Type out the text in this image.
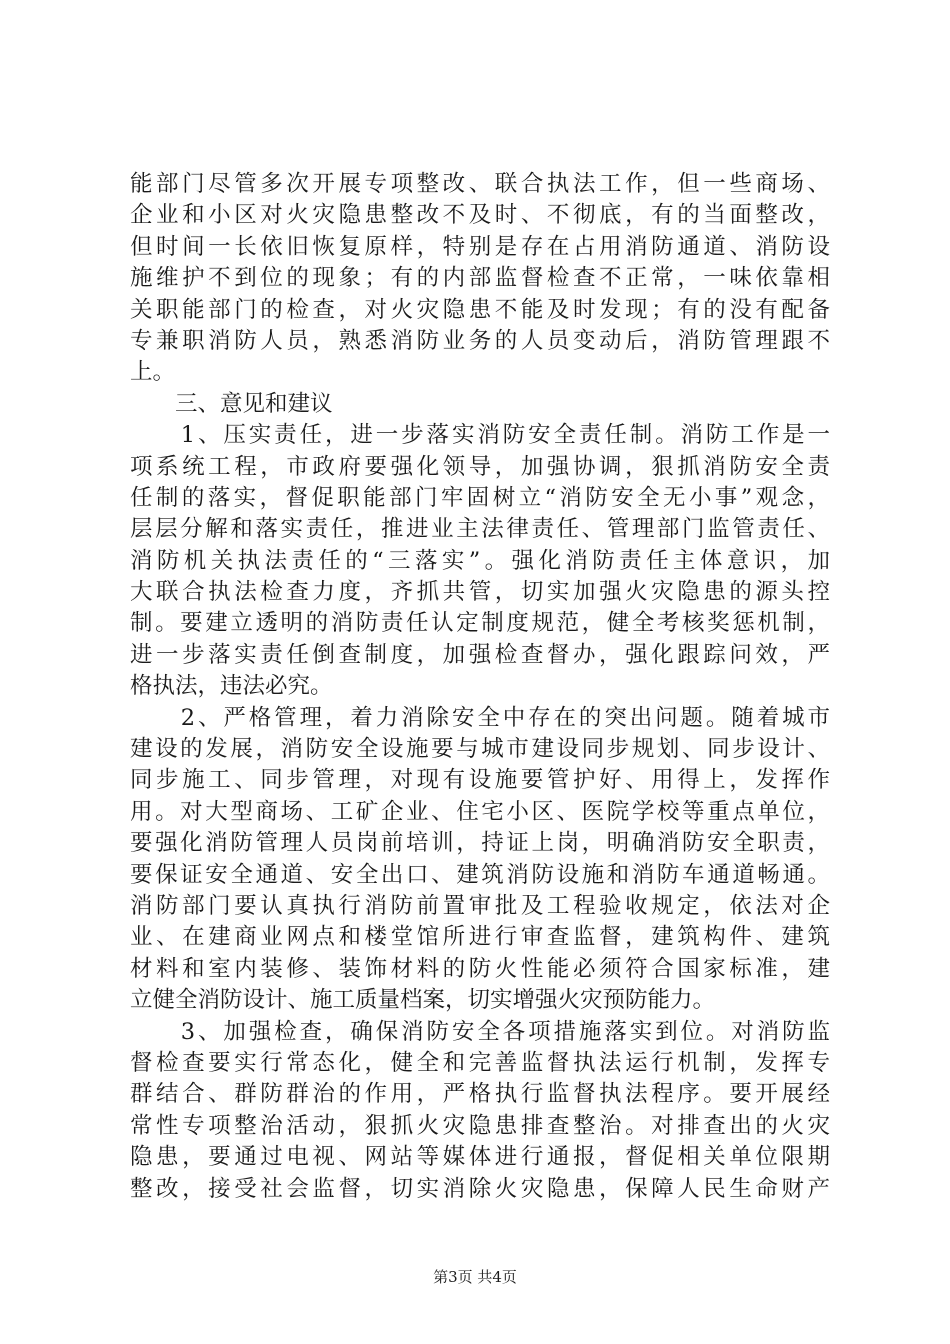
能部门尽管多次开展专项整改、联合执法工作，但一些商场、
企业和小区对火灾隐患整改不及时、不彻底，有的当面整改，
但时间一长依旧恢复原样，特别是存在占用消防通道、消防设
施维护不到位的现象；有的内部监督检查不正常，一味依靠相
关职能部门的检查，对火灾隐患不能及时发现；有的没有配备
专兼职消防人员，熟悉消防业务的人员变动后，消防管理跟不
上。
　　三、意见和建议
　　1、压实责任，进一步落实消防安全责任制。消防工作是一
项系统工程，市政府要强化领导，加强协调，狠抓消防安全责
任制的落实，督促职能部门牢固树立“消防安全无小事”观念，
层层分解和落实责任，推进业主法律责任、管理部门监管责任、
消防机关执法责任的“三落实”。强化消防责任主体意识，加
大联合执法检查力度，齐抓共管，切实加强火灾隐患的源头控
制。要建立透明的消防责任认定制度规范，健全考核奖惩机制，
进一步落实责任倒查制度，加强检查督办，强化跟踪问效，严
格执法，违法必究。
　　2、严格管理，着力消除安全中存在的突出问题。随着城市
建设的发展，消防安全设施要与城市建设同步规划、同步设计、
同步施工、同步管理，对现有设施要管护好、用得上，发挥作
用。对大型商场、工矿企业、住宅小区、医院学校等重点单位，
要强化消防管理人员岗前培训，持证上岗，明确消防安全职责，
要保证安全通道、安全出口、建筑消防设施和消防车通道畅通。
消防部门要认真执行消防前置审批及工程验收规定，依法对企
业、在建商业网点和楼堂馆所进行审查监督，建筑构件、建筑
材料和室内装修、装饰材料的防火性能必须符合国家标准，建
立健全消防设计、施工质量档案，切实增强火灾预防能力。
　　3、加强检查，确保消防安全各项措施落实到位。对消防监
督检查要实行常态化，健全和完善监督执法运行机制，发挥专
群结合、群防群治的作用，严格执行监督执法程序。要开展经
常性专项整治活动，狠抓火灾隐患排查整治。对排查出的火灾
隐患，要通过电视、网站等媒体进行通报，督促相关单位限期
整改，接受社会监督，切实消除火灾隐患，保障人民生命财产
第3页 共4页
